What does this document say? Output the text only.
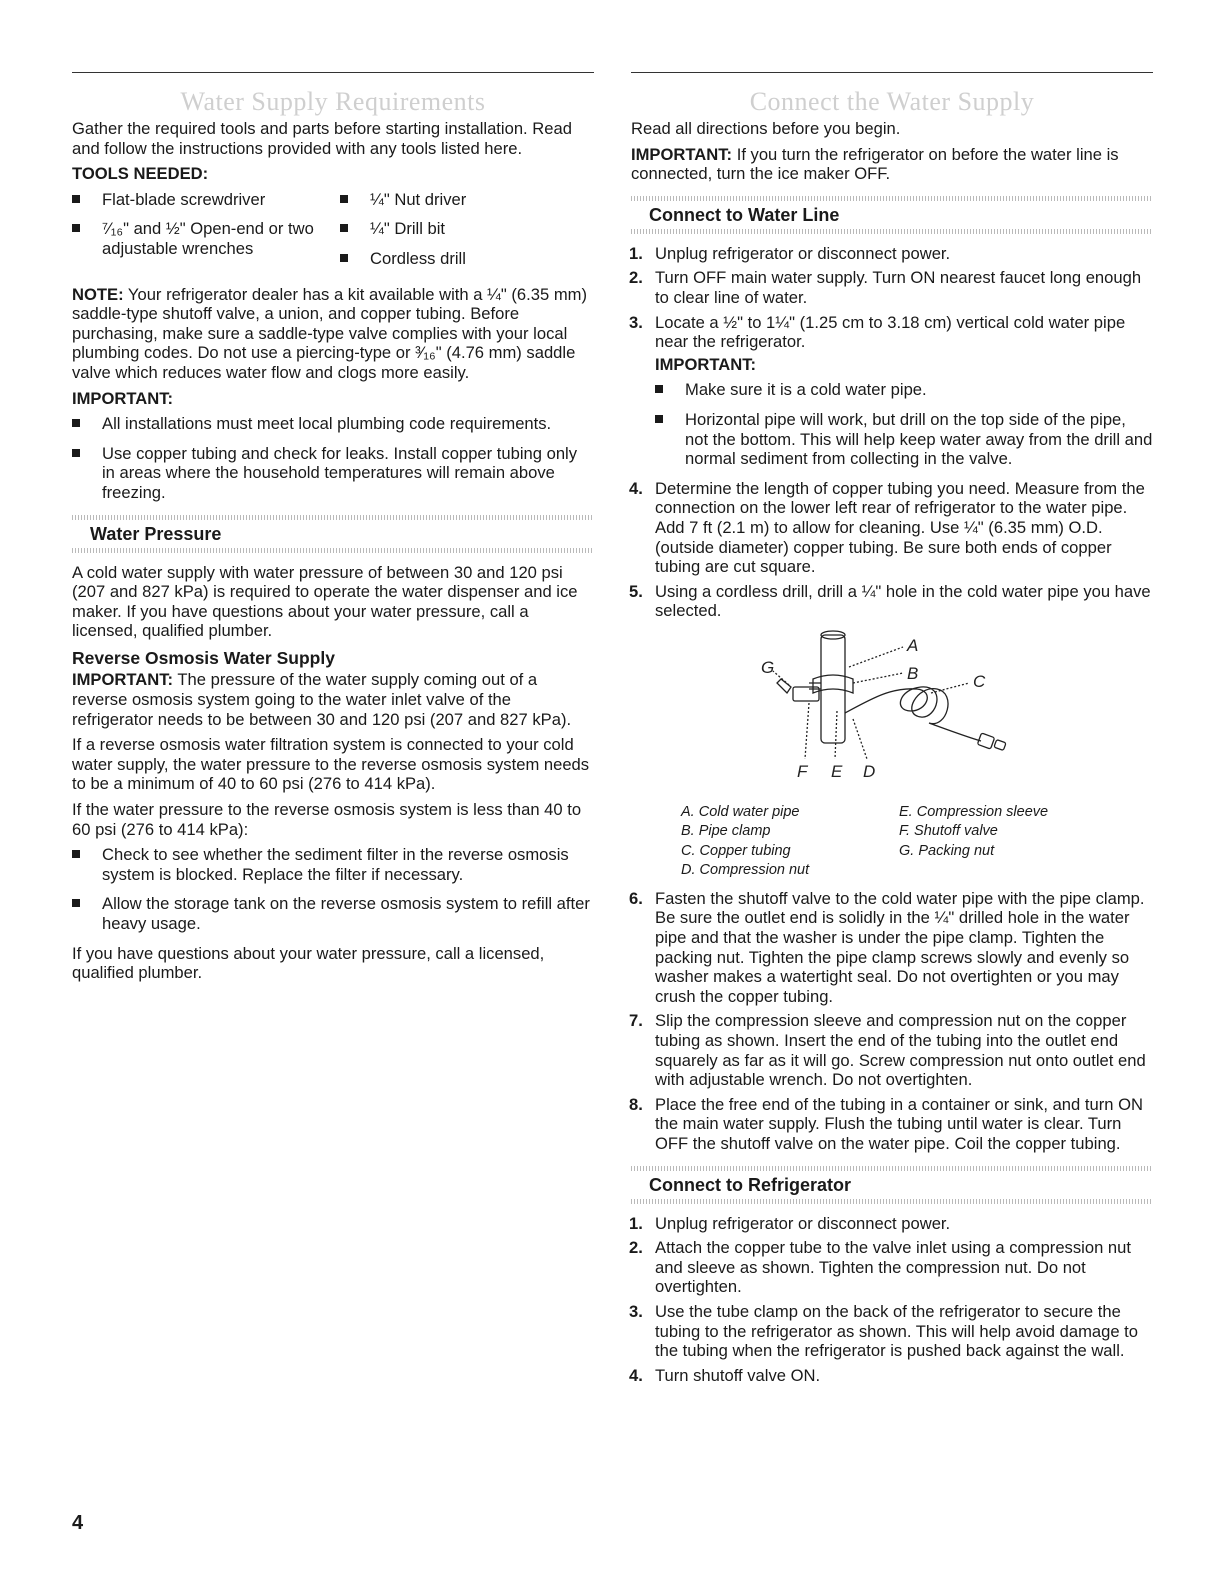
Water Supply Requirements

Gather the required tools and parts before starting installation. Read and follow the instructions provided with any tools listed here.

TOOLS NEEDED:
Flat-blade screwdriver
⁷⁄₁₆" and ½" Open-end or two adjustable wrenches
¼" Nut driver
¼" Drill bit
Cordless drill

NOTE: Your refrigerator dealer has a kit available with a ¼" (6.35 mm) saddle-type shutoff valve, a union, and copper tubing. Before purchasing, make sure a saddle-type valve complies with your local plumbing codes. Do not use a piercing-type or ³⁄₁₆" (4.76 mm) saddle valve which reduces water flow and clogs more easily.

IMPORTANT:
All installations must meet local plumbing code requirements.
Use copper tubing and check for leaks. Install copper tubing only in areas where the household temperatures will remain above freezing.
Water Pressure

A cold water supply with water pressure of between 30 and 120 psi (207 and 827 kPa) is required to operate the water dispenser and ice maker. If you have questions about your water pressure, call a licensed, qualified plumber.

Reverse Osmosis Water Supply

IMPORTANT: The pressure of the water supply coming out of a reverse osmosis system going to the water inlet valve of the refrigerator needs to be between 30 and 120 psi (207 and 827 kPa).

If a reverse osmosis water filtration system is connected to your cold water supply, the water pressure to the reverse osmosis system needs to be a minimum of 40 to 60 psi (276 to 414 kPa).

If the water pressure to the reverse osmosis system is less than 40 to 60 psi (276 to 414 kPa):

Check to see whether the sediment filter in the reverse osmosis system is blocked. Replace the filter if necessary.
Allow the storage tank on the reverse osmosis system to refill after heavy usage.

If you have questions about your water pressure, call a licensed, qualified plumber.

Connect the Water Supply

Read all directions before you begin.

IMPORTANT: If you turn the refrigerator on before the water line is connected, turn the ice maker OFF.

Connect to Water Line
1. Unplug refrigerator or disconnect power.
2. Turn OFF main water supply. Turn ON nearest faucet long enough to clear line of water.
3. Locate a ½" to 1¼" (1.25 cm to 3.18 cm) vertical cold water pipe near the refrigerator.
IMPORTANT:
Make sure it is a cold water pipe.
Horizontal pipe will work, but drill on the top side of the pipe, not the bottom. This will help keep water away from the drill and normal sediment from collecting in the valve.
4. Determine the length of copper tubing you need. Measure from the connection on the lower left rear of refrigerator to the water pipe. Add 7 ft (2.1 m) to allow for cleaning. Use ¼" (6.35 mm) O.D. (outside diameter) copper tubing. Be sure both ends of copper tubing are cut square.
5. Using a cordless drill, drill a ¼" hole in the cold water pipe you have selected.
A
B	C
G
F E D
A. Cold water pipe
B. Pipe clamp
C. Copper tubing
D. Compression nut
E. Compression sleeve
F. Shutoff valve
G. Packing nut
6. Fasten the shutoff valve to the cold water pipe with the pipe clamp. Be sure the outlet end is solidly in the ¼" drilled hole in the water pipe and that the washer is under the pipe clamp. Tighten the packing nut. Tighten the pipe clamp screws slowly and evenly so washer makes a watertight seal. Do not overtighten or you may crush the copper tubing.
7. Slip the compression sleeve and compression nut on the copper tubing as shown. Insert the end of the tubing into the outlet end squarely as far as it will go. Screw compression nut onto outlet end with adjustable wrench. Do not overtighten.
8. Place the free end of the tubing in a container or sink, and turn ON the main water supply. Flush the tubing until water is clear. Turn OFF the shutoff valve on the water pipe. Coil the copper tubing.
Connect to Refrigerator
1. Unplug refrigerator or disconnect power.
2. Attach the copper tube to the valve inlet using a compression nut and sleeve as shown. Tighten the compression nut. Do not overtighten.
3. Use the tube clamp on the back of the refrigerator to secure the tubing to the refrigerator as shown. This will help avoid damage to the tubing when the refrigerator is pushed back against the wall.
4. Turn shutoff valve ON.
4
